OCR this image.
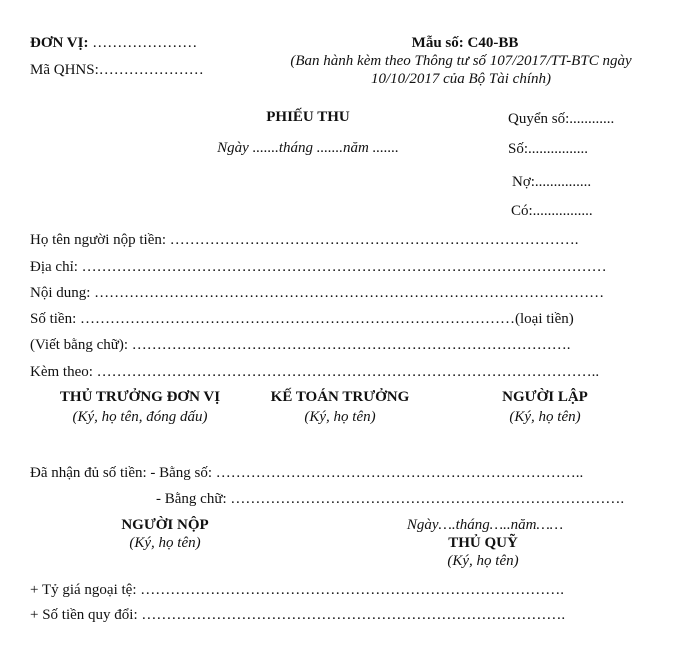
ĐƠN VỊ: …………………
Mã QHNS:…………………
Mẫu số: C40-BB
(Ban hành kèm theo Thông tư số 107/2017/TT-BTC ngày
10/10/2017 của Bộ Tài chính)
PHIẾU THU
Ngày .......tháng .......năm .......
Quyển số:............
Số:................
Nợ:...............
Có:................
Họ tên người nộp tiền: ……………………………………………………………………….
Địa chỉ: ……………………………………………………………………………………………
Nội dung: …………………………………………………………………………………………
Số tiền: ……………………………………………………………………………(loại tiền)
(Viết bằng chữ): …………………………………………………………………………….
Kèm theo: ………………………………………………………………………………………..
THỦ TRƯỞNG ĐƠN VỊ
(Ký, họ tên, đóng dấu)
KẾ TOÁN TRƯỞNG
(Ký, họ tên)
NGƯỜI LẬP
(Ký, họ tên)
Đã nhận đủ số tiền: - Bằng số: ………………………………………………………………..
- Bằng chữ: …………………………………………………………………….
NGƯỜI NỘP
(Ký, họ tên)
Ngày….tháng…..năm……
THỦ QUỸ
(Ký, họ tên)
+ Tỷ giá ngoại tệ: ………………………………………………………………………….
+ Số tiền quy đổi: ………………………………………………………………………….
